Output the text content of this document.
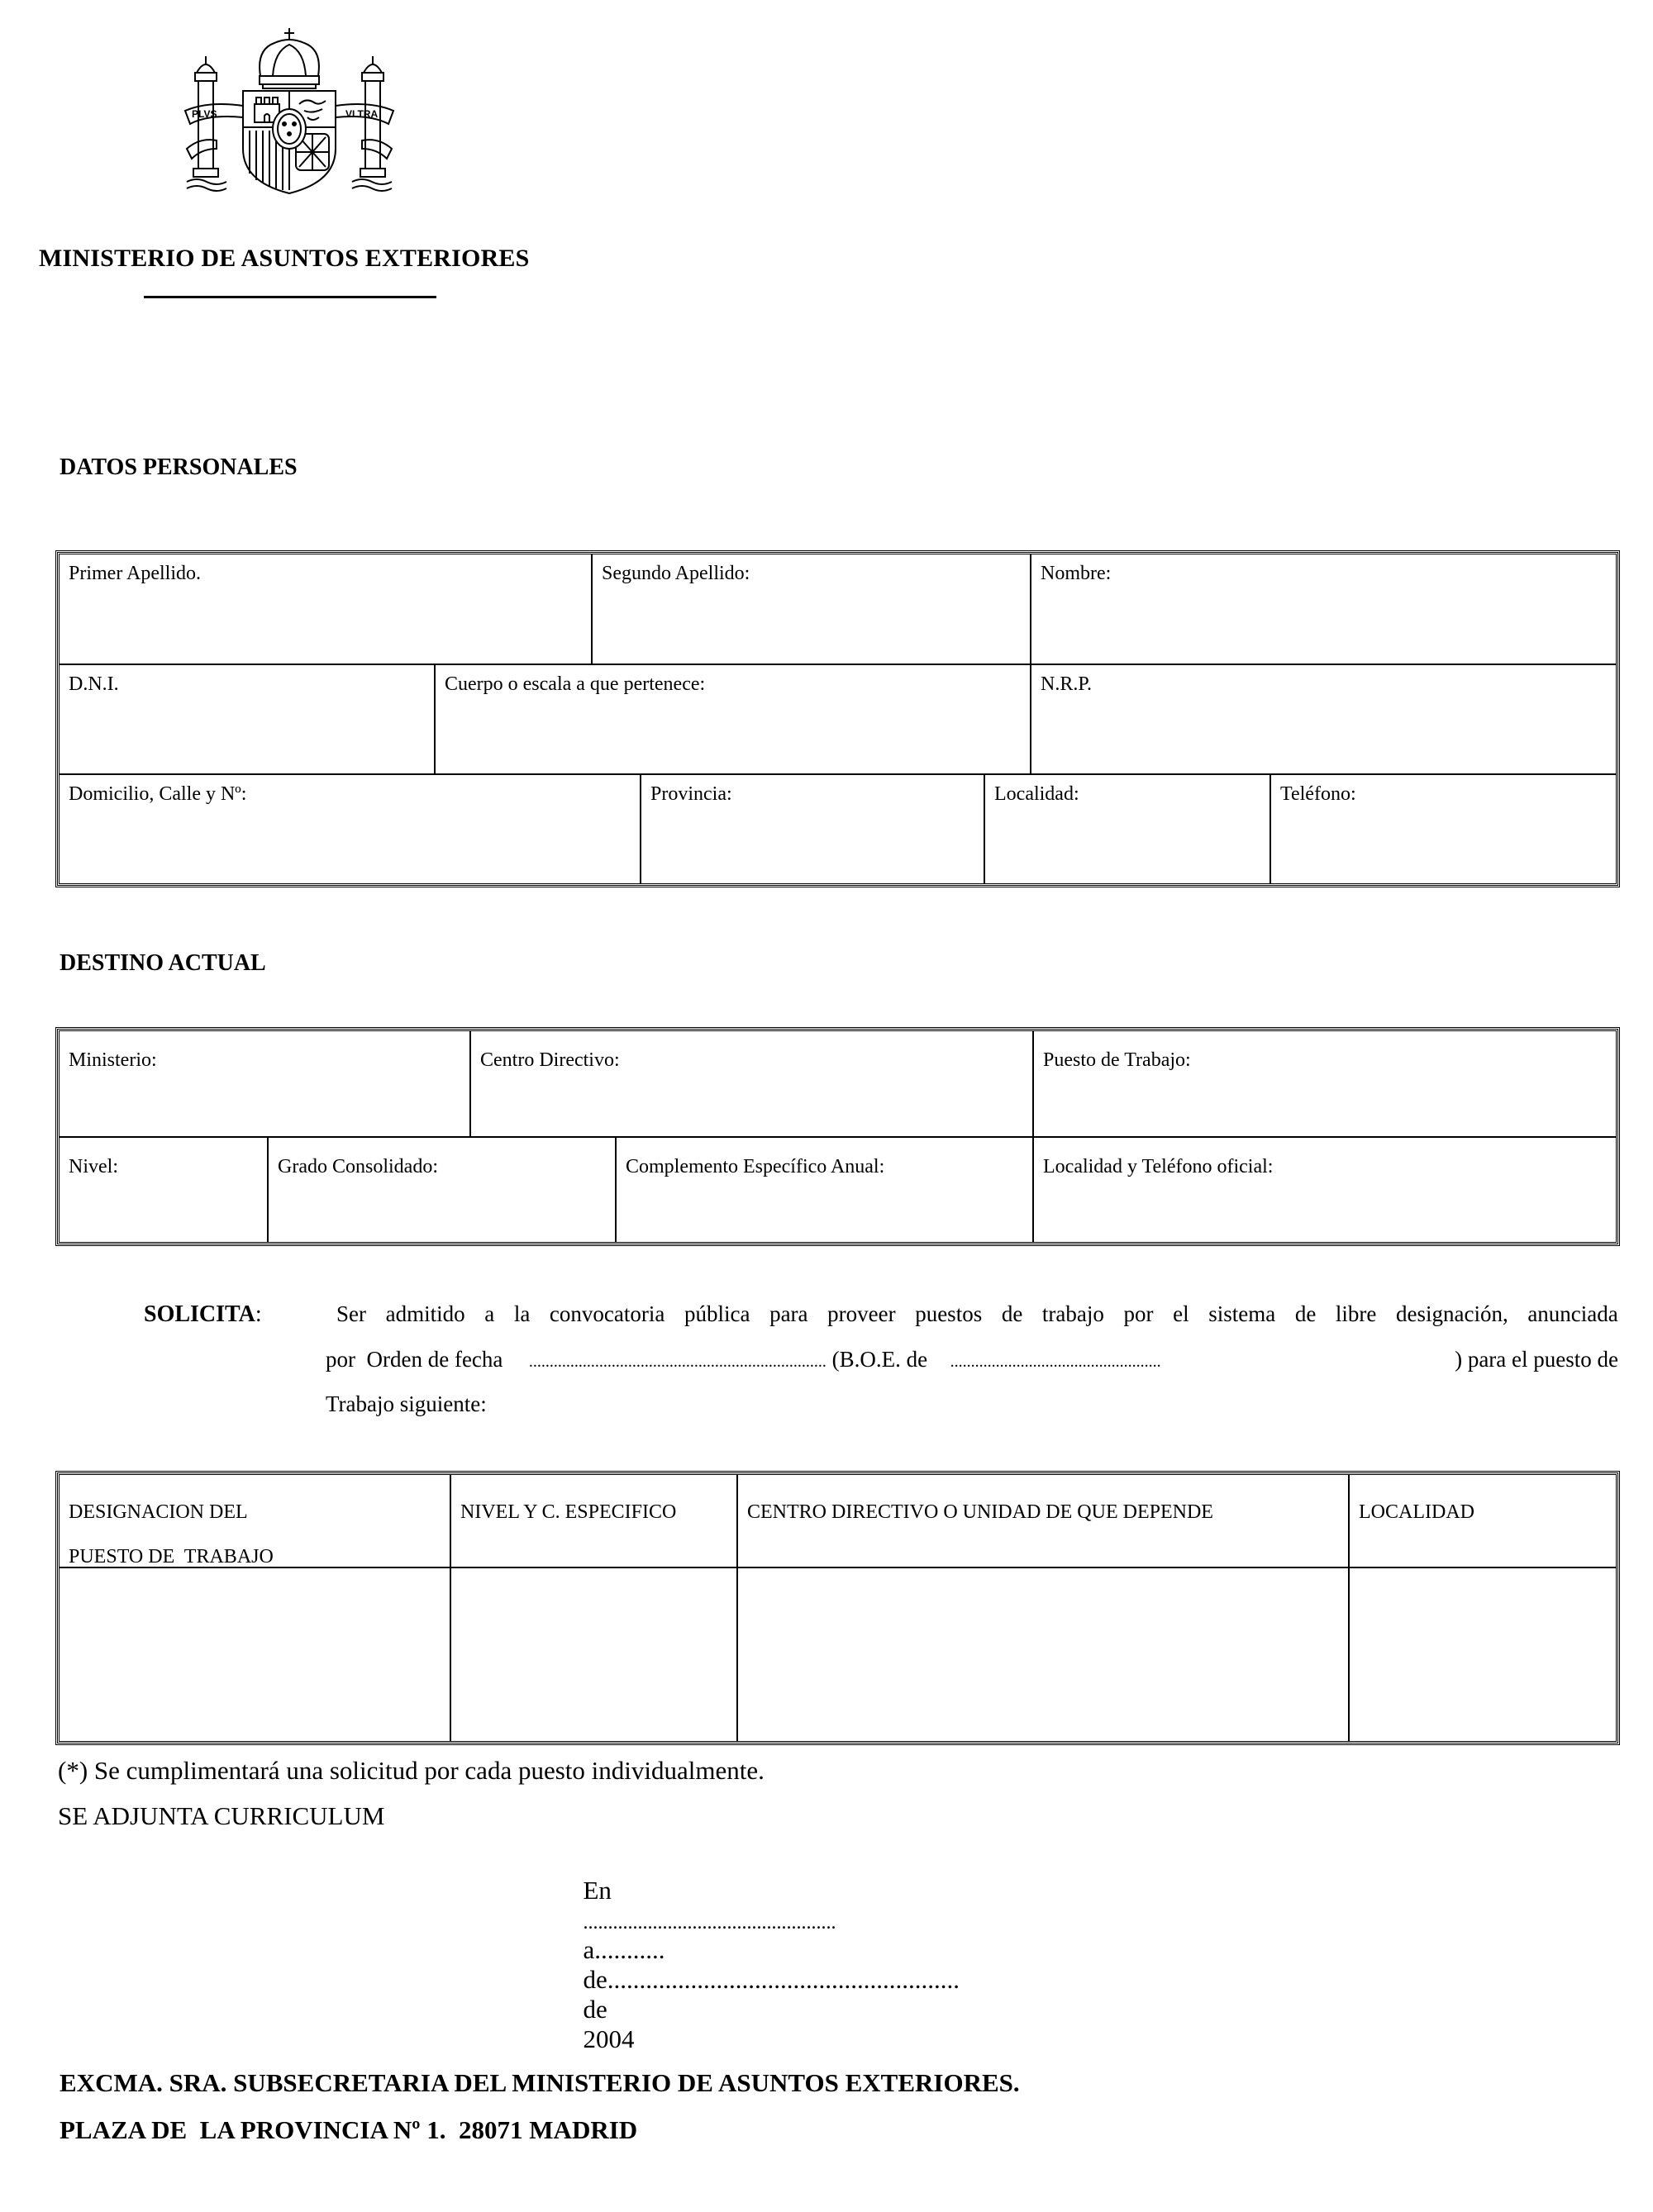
PLVS	VLTRA
MINISTERIO DE ASUNTOS EXTERIORES
DATOS PERSONALES
Primer Apellido.	Segundo Apellido:	Nombre:
D.N.I.	Cuerpo o escala a que pertenece:	N.R.P.
Domicilio, Calle y Nº:	Provincia:	Localidad:	Teléfono:
DESTINO ACTUAL
Ministerio:	Centro Directivo:	Puesto de Trabajo:
Nivel:	Grado Consolidado:	Complemento Específico Anual:	Localidad y Teléfono oficial:
SOLICITA:	Ser admitido a la convocatoria pública para proveer puestos de trabajo por el sistema de libre designación, anunciada
por  Orden de fecha ........................................................................ (B.O.E. de ...................................................	) para el puesto de
Trabajo siguiente:
DESIGNACION DEL
PUESTO DE  TRABAJO
NIVEL Y C. ESPECIFICO	CENTRO DIRECTIVO O UNIDAD DE QUE DEPENDE	LOCALIDAD
(*) Se cumplimentará una solicitud por cada puesto individualmente.
SE ADJUNTA CURRICULUM

En
...................................................
a...........
de.......................................................
de
2004

EXCMA. SRA. SUBSECRETARIA DEL MINISTERIO DE ASUNTOS EXTERIORES.
PLAZA DE  LA PROVINCIA Nº 1.  28071 MADRID
